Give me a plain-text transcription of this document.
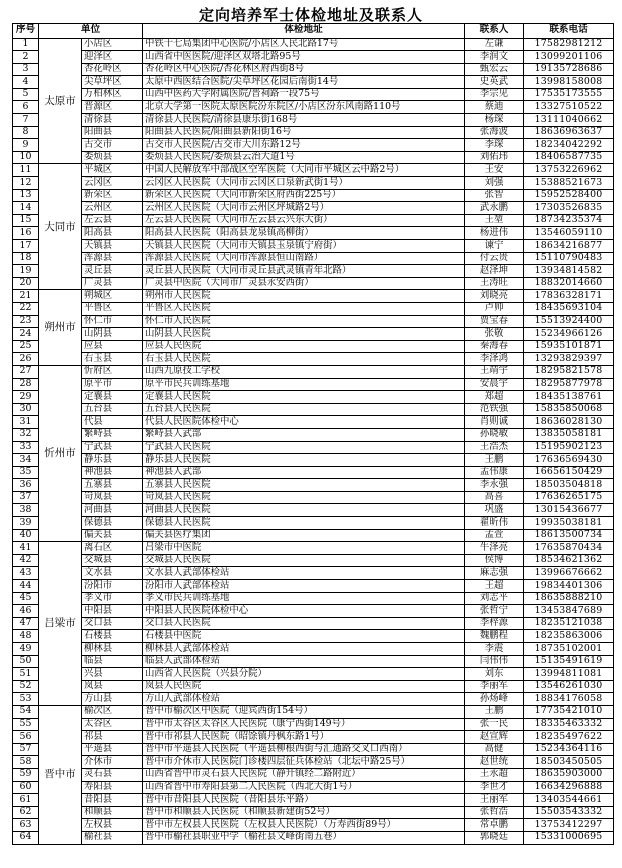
定向培养军士体检地址及联系人
序号	单位		体检地址	联系人	联系电话
1	太原市	小店区	中铁十七局集团中心医院/小店区人民北路17号	左谦	17582981212
2		迎泽区	山西省中医医院/迎泽区双塔北路95号	李润文	13099201106
3		杏花岭区	杏花岭区中心医院/杏花林区府西街8号	甄宏云	19135728686
4		尖草坪区	太原中西医结合医院/尖草坪区花园后南街14号	史英武	13998158008
5		万柏林区	山西中医药大学附属医院/晋祠路一段75号	李宗见	17535173555
6		晋源区	北京大学第一医院太原医院汾东院区/小店区汾东风南路110号	蔡迪	13327510522
7		清徐县	清徐县人民医院/清徐县康乐街168号	杨琛	13111040662
8		阳曲县	阳曲县人民医院/阳曲县新阳街16号	张海波	18636963637
9		古交市	古交市人民医院/古交市大川东路12号	李琛	18234042292
10		娄烦县	娄烦县人民医院/娄烦县云治大道1号	刘佑玮	18406587735
11	大同市	平城区	中国人民解放军中部战区空军医院（大同市平城区云中路2号）	王安	13753226962
12		云冈区	云冈区人民医院（大同市云冈区口泉新武街1号）	刘强	15388521673
13		新荣区	新荣区人民医院（大同市新荣区府西街225号）	张智	15952528400
14		云州区	云州区人民医院（大同市云州区坪城路2号）	武永鹏	17303526835
15		左云县	左云县人民医院（大同市左云县云兴东大街）	王堃	18734235374
16		阳高县	阳高县人民医院（阳高县龙泉镇高柳街）	杨进伟	13546059110
17		天镇县	天镇县人民医院（大同市天镇县玉泉镇宁府街）	谏宁	18634216877
18		浑源县	浑源县人民医院（大同市浑源县恒山南路）	付云贵	15110790483
19		灵丘县	灵丘县人民医院（大同市灵丘县武灵镇青年北路）	赵泽坤	13934814582
20		广灵县	广灵县中医院（大同市广灵县永安西街）	王涛旺	18832014660
21	朔州市	朔城区	朔州市人民医院	刘晓亮	17836328171
22		平鲁区	平鲁区人民医院	卢帅	18435693104
23		怀仁市	怀仁市人民医院	贾宝春	15513924400
24		山阴县	山阴县人民医院	张敬	15234966126
25		应县	应县人民医院	秦海春	15935101871
26		右玉县	右玉县人民医院	李泽鸿	13293829397
27	忻州市	忻府区	山西九原技工学校	王靖宇	18295821578
28		原平市	原平市民兵训练基地	安晨宇	18295877978
29		定襄县	定襄县人民医院	郑超	18435138761
30		五台县	五台县人民医院	范铁强	15835850068
31		代县	代县人民医院体检中心	肖则诚	18636028130
32		繁峙县	繁峙县人武部	孙晓敏	13835058181
33		宁武县	宁武县人民医院	王浩杰	15195902123
34		静乐县	静乐县人民医院	王鹏	17636569430
35		神池县	神池县人武部	孟伟康	16656150429
36		五寨县	五寨县人民医院	李永强	18503504818
37		岢岚县	岢岚县人民医院	高喜	17636265175
38		河曲县	河曲县人民医院	巩盛	13015436677
39		保德县	保德县人民医院	翟昕伟	19935038181
40		偏关县	偏关县医疗集团	孟萱	18613500734
41	吕梁市	离石区	吕梁市中医院	牛泽亮	17635870434
42		交城县	交城县人民医院	侯博	18534621362
43		文水县	文水县人武部体检站	麻志强	13996676662
44		汾阳市	汾阳市人武部体检站	王超	19834401306
45		孝义市	孝义市民兵训练基地	刘志平	18635888210
46		中阳县	中阳县人民医院体检中心	张哲宁	13453847689
47		交口县	交口县人民医院	李梓源	18235121038
48		石楼县	石楼县中医院	魏鹏程	18235863006
49		柳林县	柳林县人武部体检站	李震	18735102001
50		临县	临县人武部体检站	闫伟伟	15135491619
51		兴县	山西省人民医院（兴县分院）	刘东	13994811081
52		岚县	岚县人民医院	李丽军	13546261030
53		方山县	方山人武部体检站	孙炀峰	18834176058
54	晋中市	榆次区	晋中市榆次区中医院（迎宾西街154号）	王鹏	17735421010
55		太谷区	晋中市太谷区太谷区人民医院（康宁西街149号）	张一民	18335463332
56		祁县	晋中市祁县人民医院（昭馀镇丹枫东路1号）	赵宣辉	18235497622
57		平遥县	晋中市平遥县人民医院（平遥县柳根西街与汇通路交叉口西南）	高健	15234364116
58		介休市	晋中市介休市人民医院门诊楼四层征兵体检站（北坛中路25号）	赵世统	18503450505
59		灵石县	山西省晋中市灵石县人民医院（静升镇经二路附近）	王永超	18635903000
60		寿阳县	山西省晋中市寿阳县第二人民医院（西北大街1号）	李世才	16634296888
61		昔阳县	晋中市昔阳县人民医院（昔阳县乐平路）	王丽军	13403544661
62		和顺县	晋中市和顺县人民医院（和顺县新建街52号）	张哲浩	15503543332
63		左权县	晋中市左权县人民医院（左权县人民医院）（万寿西街89号）	常卓鹏	13753412297
64		榆社县	晋中市榆社县职业中学（榆社县文峰街南五巷）	郭晓廷	15331000695
